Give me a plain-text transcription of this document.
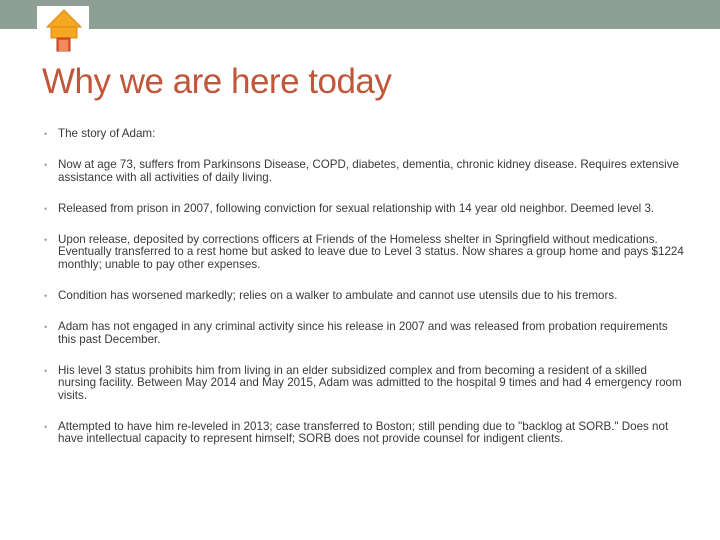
Why we are here today
• The story of Adam:
• Now at age 73, suffers from Parkinsons Disease, COPD, diabetes, dementia, chronic kidney disease. Requires extensive assistance with all activities of daily living.
• Released from prison in 2007, following conviction for sexual relationship with 14 year old neighbor. Deemed level 3.
• Upon release, deposited by corrections officers at Friends of the Homeless shelter in Springfield without medications. Eventually transferred to a rest home but asked to leave due to Level 3 status. Now shares a group home and pays $1224 monthly; unable to pay other expenses.
• Condition has worsened markedly; relies on a walker to ambulate and cannot use utensils due to his tremors.
• Adam has not engaged in any criminal activity since his release in 2007 and was released from probation requirements this past December.
• His level 3 status prohibits him from living in an elder subsidized complex and from becoming a resident of a skilled nursing facility. Between May 2014 and May 2015, Adam was admitted to the hospital 9 times and had 4 emergency room visits.
• Attempted to have him re-leveled in 2013; case transferred to Boston; still pending due to "backlog at SORB." Does not have intellectual capacity to represent himself; SORB does not provide counsel for indigent clients.
